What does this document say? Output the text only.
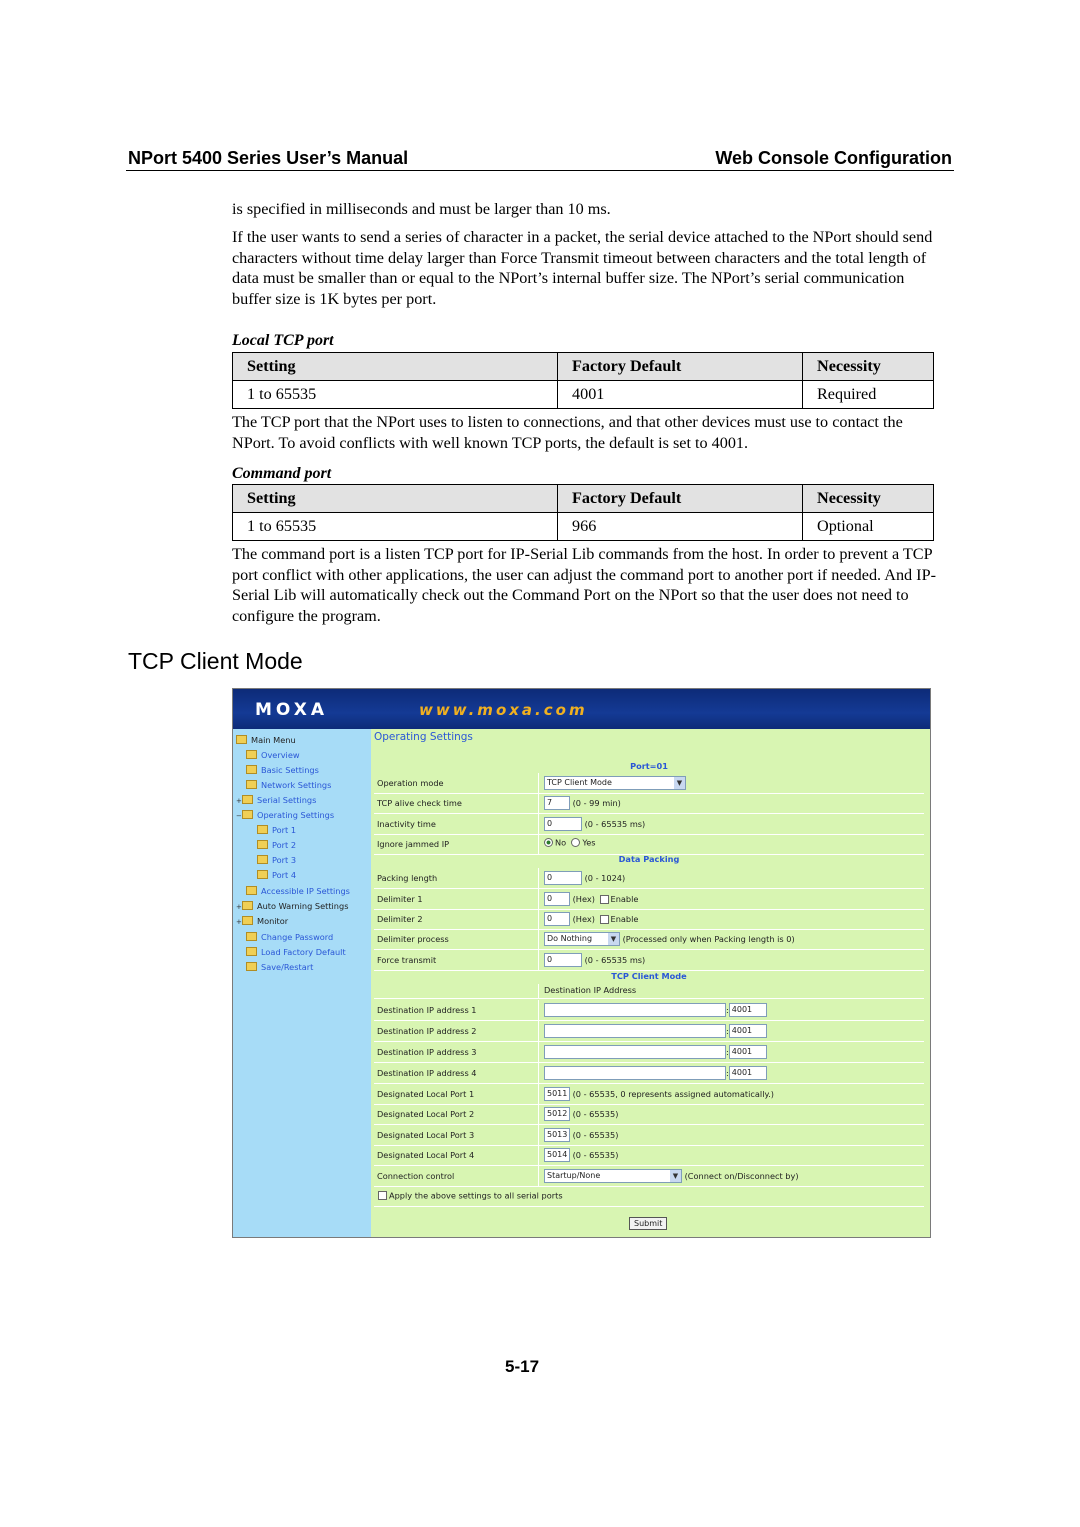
NPort 5400 Series User’s Manual	Web Console Configuration
is specified in milliseconds and must be larger than 10 ms.
If the user wants to send a series of character in a packet, the serial device attached to the NPort should send characters without time delay larger than Force Transmit timeout between characters and the total length of data must be smaller than or equal to the NPort’s internal buffer size. The NPort’s serial communication buffer size is 1K bytes per port.
Local TCP port
Setting	Factory Default	Necessity
1 to 65535	4001	Required
The TCP port that the NPort uses to listen to connections, and that other devices must use to contact the NPort. To avoid conflicts with well known TCP ports, the default is set to 4001.
Command port
Setting	Factory Default	Necessity
1 to 65535	966	Optional
The command port is a listen TCP port for IP-Serial Lib commands from the host. In order to prevent a TCP port conflict with other applications, the user can adjust the command port to another port if needed. And IP-Serial Lib will automatically check out the Command Port on the NPort so that the user does not need to configure the program.
TCP Client Mode
MOXA	www.moxa.com
Main Menu
Overview
Basic Settings
Network Settings
+ Serial Settings
− Operating Settings
Port 1
Port 2
Port 3
Port 4
Accessible IP Settings
+ Auto Warning Settings
+ Monitor
Change Password
Load Factory Default
Save/Restart
Operating Settings
Port=01
Operation mode	TCP Client Mode	▼
TCP alive check time	7	(0 - 99 min)
Inactivity time	0	(0 - 65535 ms)
Ignore jammed IP	No Yes
Data Packing
Packing length	0	(0 - 1024)
Delimiter 1	0	(Hex) Enable
Delimiter 2	0	(Hex) Enable
Delimiter process	Do Nothing	▼ (Processed only when Packing length is 0)
Force transmit	0	(0 - 65535 ms)
TCP Client Mode
Destination IP Address
Destination IP address 1	: 4001
Destination IP address 2	: 4001
Destination IP address 3	: 4001
Destination IP address 4	: 4001
Designated Local Port 1	5011 (0 - 65535, 0 represents assigned automatically.)
Designated Local Port 2	5012 (0 - 65535)
Designated Local Port 3	5013 (0 - 65535)
Designated Local Port 4	5014 (0 - 65535)
Connection control	Startup/None	▼ (Connect on/Disconnect by)
Apply the above settings to all serial ports
Submit
5-17
